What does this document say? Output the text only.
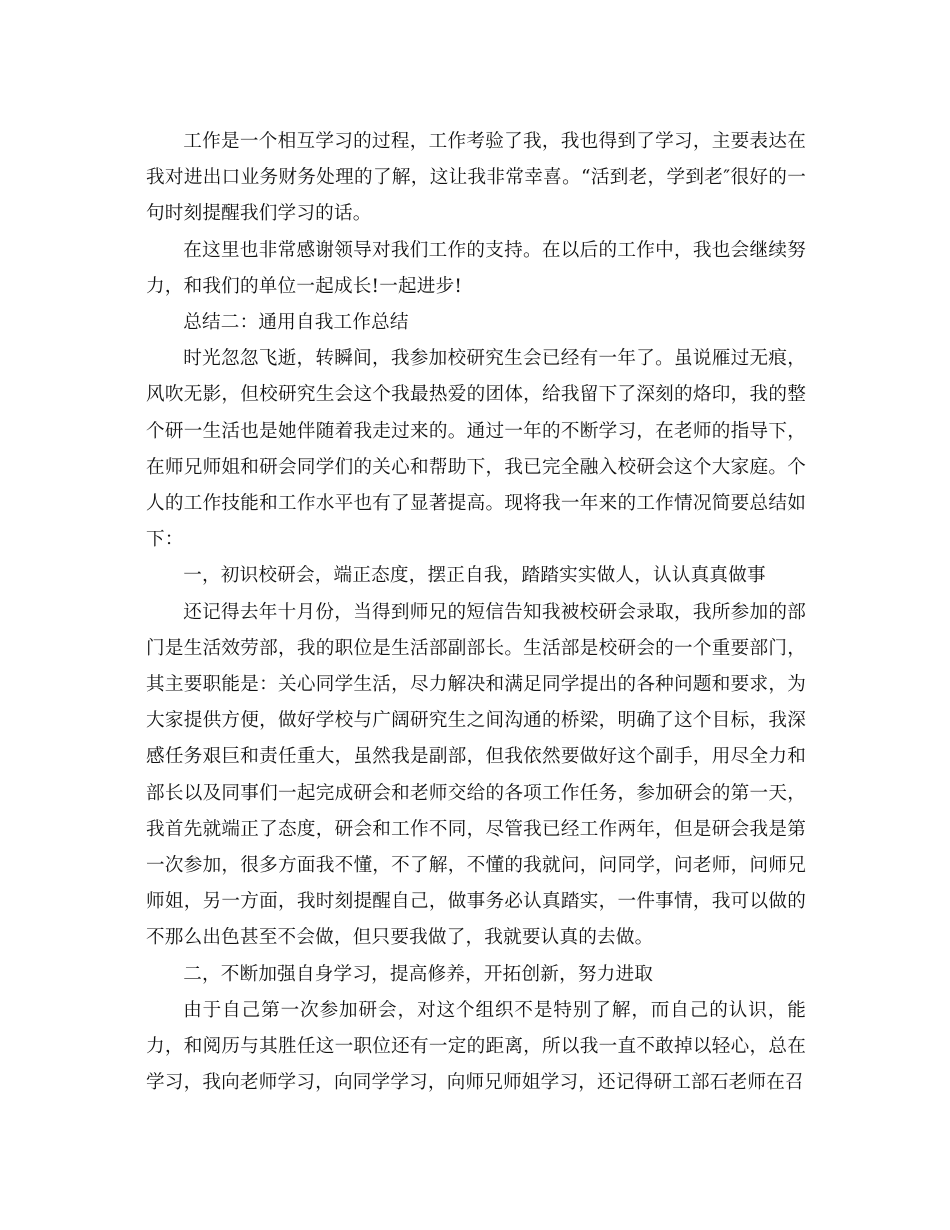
工作是一个相互学习的过程，工作考验了我，我也得到了学习，主要表达在我对进出口业务财务处理的了解，这让我非常幸喜。“活到老，学到老″很好的一句时刻提醒我们学习的话。

在这里也非常感谢领导对我们工作的支持。在以后的工作中，我也会继续努力，和我们的单位一起成长!一起进步!

总结二：通用自我工作总结

时光忽忽飞逝，转瞬间，我参加校研究生会已经有一年了。虽说雁过无痕，风吹无影，但校研究生会这个我最热爱的团体，给我留下了深刻的烙印，我的整个研一生活也是她伴随着我走过来的。通过一年的不断学习，在老师的指导下，在师兄师姐和研会同学们的关心和帮助下，我已完全融入校研会这个大家庭。个人的工作技能和工作水平也有了显著提高。现将我一年来的工作情况简要总结如下：

一，初识校研会，端正态度，摆正自我，踏踏实实做人，认认真真做事

还记得去年十月份，当得到师兄的短信告知我被校研会录取，我所参加的部门是生活效劳部，我的职位是生活部副部长。生活部是校研会的一个重要部门，其主要职能是：关心同学生活，尽力解决和满足同学提出的各种问题和要求，为大家提供方便，做好学校与广阔研究生之间沟通的桥梁，明确了这个目标，我深感任务艰巨和责任重大，虽然我是副部，但我依然要做好这个副手，用尽全力和部长以及同事们一起完成研会和老师交给的各项工作任务，参加研会的第一天，我首先就端正了态度，研会和工作不同，尽管我已经工作两年，但是研会我是第一次参加，很多方面我不懂，不了解，不懂的我就问，问同学，问老师，问师兄师姐，另一方面，我时刻提醒自己，做事务必认真踏实，一件事情，我可以做的不那么出色甚至不会做，但只要我做了，我就要认真的去做。

二，不断加强自身学习，提高修养，开拓创新，努力进取

由于自己第一次参加研会，对这个组织不是特别了解，而自己的认识，能力，和阅历与其胜任这一职位还有一定的距离，所以我一直不敢掉以轻心，总在学习，我向老师学习，向同学学习，向师兄师姐学习，还记得研工部石老师在召
